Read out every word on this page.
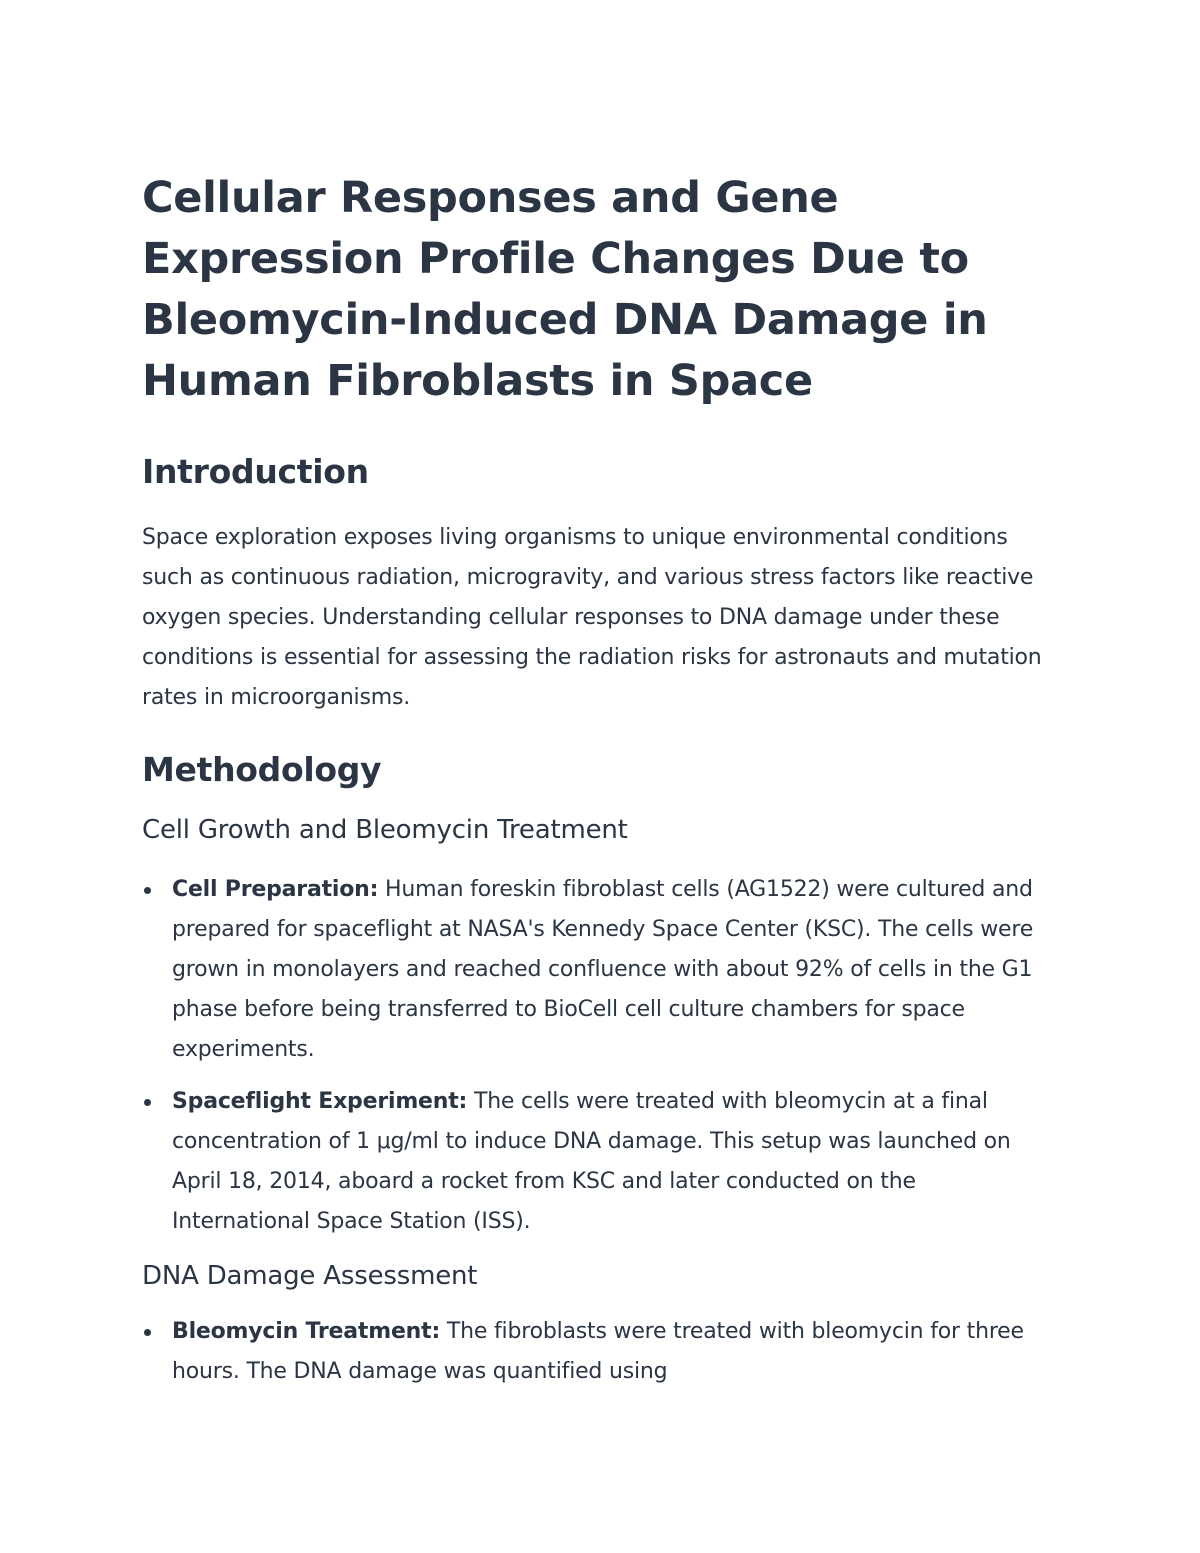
Cellular Responses and Gene Expression Profile Changes Due to Bleomycin-Induced DNA Damage in Human Fibroblasts in Space
Introduction

Space exploration exposes living organisms to unique environmental conditions such as continuous radiation, microgravity, and various stress factors like reactive oxygen species. Understanding cellular responses to DNA damage under these conditions is essential for assessing the radiation risks for astronauts and mutation rates in microorganisms.

Methodology
Cell Growth and Bleomycin Treatment
Cell Preparation: Human foreskin fibroblast cells (AG1522) were cultured and prepared for spaceflight at NASA's Kennedy Space Center (KSC). The cells were grown in monolayers and reached confluence with about 92% of cells in the G1 phase before being transferred to BioCell cell culture chambers for space experiments.
Spaceflight Experiment: The cells were treated with bleomycin at a final concentration of 1 μg/ml to induce DNA damage. This setup was launched on April 18, 2014, aboard a rocket from KSC and later conducted on the International Space Station (ISS).
DNA Damage Assessment
Bleomycin Treatment: The fibroblasts were treated with bleomycin for three hours. The DNA damage was quantified using
